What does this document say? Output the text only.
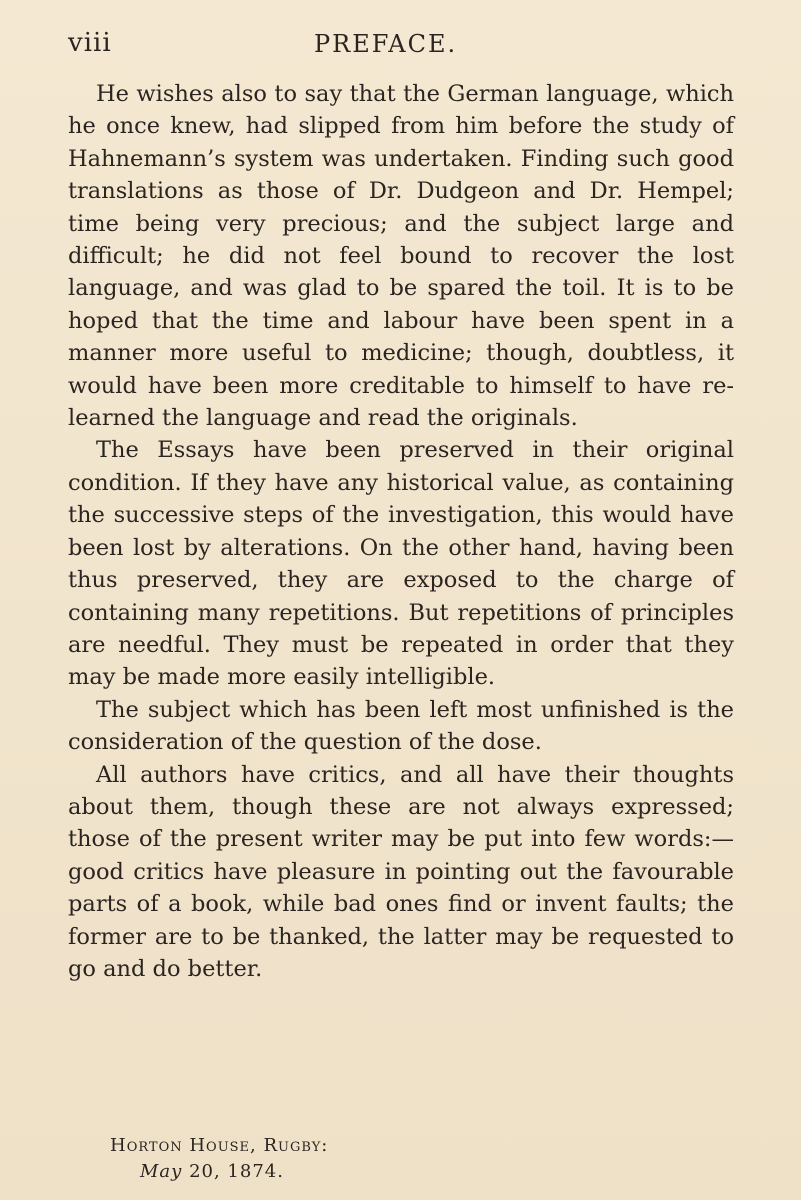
viii	PREFACE.

He wishes also to say that the German language, which he once knew, had slipped from him before the study of Hahnemann’s system was undertaken. Finding such good translations as those of Dr. Dudgeon and Dr. Hempel; time being very precious; and the subject large and difficult; he did not feel bound to recover the lost language, and was glad to be spared the toil. It is to be hoped that the time and labour have been spent in a manner more useful to medicine; though, doubtless, it would have been more creditable to himself to have re-learned the language and read the originals.

The Essays have been preserved in their original condition. If they have any historical value, as containing the successive steps of the investigation, this would have been lost by alterations. On the other hand, having been thus preserved, they are exposed to the charge of containing many repetitions. But repetitions of principles are needful. They must be repeated in order that they may be made more easily intelligible.

The subject which has been left most unfinished is the consideration of the question of the dose.

All authors have critics, and all have their thoughts about them, though these are not always expressed; those of the present writer may be put into few words:—good critics have pleasure in pointing out the favourable parts of a book, while bad ones find or invent faults; the former are to be thanked, the latter may be requested to go and do better.

Horton House, Rugby:
May 20, 1874.
